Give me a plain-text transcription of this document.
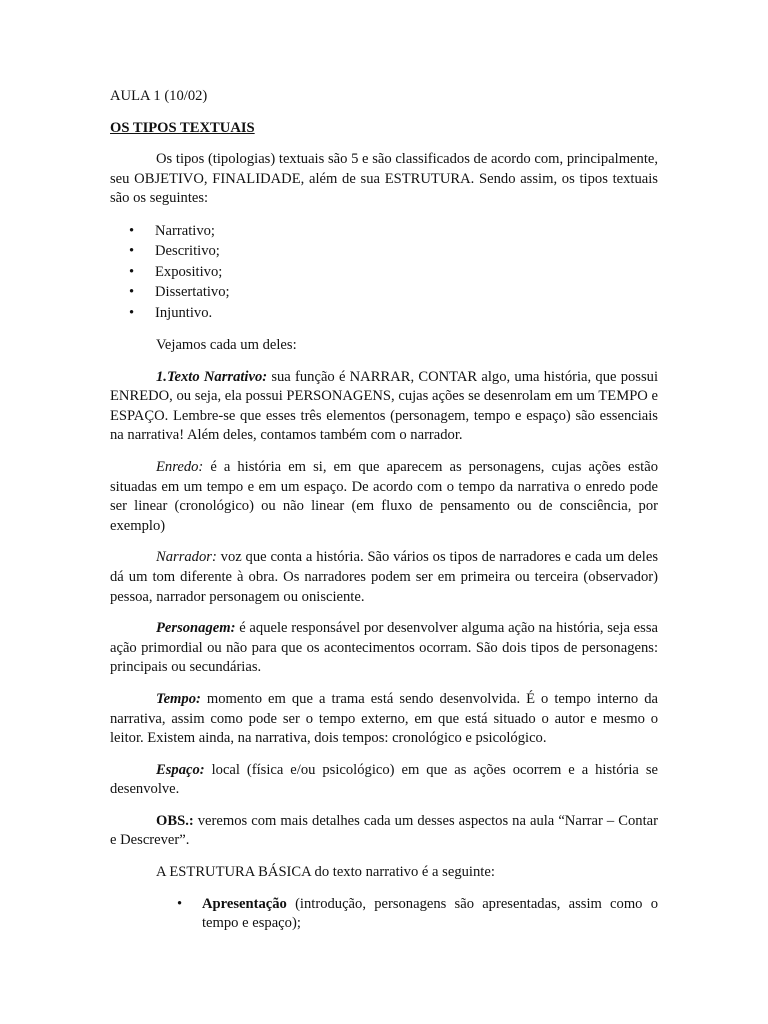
AULA 1 (10/02)

OS TIPOS TEXTUAIS

Os tipos (tipologias) textuais são 5 e são classificados de acordo com, principalmente, seu OBJETIVO, FINALIDADE, além de sua ESTRUTURA. Sendo assim, os tipos textuais são os seguintes:

• Narrativo;
• Descritivo;
• Expositivo;
• Dissertativo;
• Injuntivo.

Vejamos cada um deles:

1.Texto Narrativo: sua função é NARRAR, CONTAR algo, uma história, que possui ENREDO, ou seja, ela possui PERSONAGENS, cujas ações se desenrolam em um TEMPO e ESPAÇO. Lembre-se que esses três elementos (personagem, tempo e espaço) são essenciais na narrativa! Além deles, contamos também com o narrador.

Enredo: é a história em si, em que aparecem as personagens, cujas ações estão situadas em um tempo e em um espaço. De acordo com o tempo da narrativa o enredo pode ser linear (cronológico) ou não linear (em fluxo de pensamento ou de consciência, por exemplo)

Narrador: voz que conta a história. São vários os tipos de narradores e cada um deles dá um tom diferente à obra. Os narradores podem ser em primeira ou terceira (observador) pessoa, narrador personagem ou onisciente.

Personagem: é aquele responsável por desenvolver alguma ação na história, seja essa ação primordial ou não para que os acontecimentos ocorram. São dois tipos de personagens: principais ou secundárias.

Tempo: momento em que a trama está sendo desenvolvida. É o tempo interno da narrativa, assim como pode ser o tempo externo, em que está situado o autor e mesmo o leitor. Existem ainda, na narrativa, dois tempos: cronológico e psicológico.

Espaço: local (física e/ou psicológico) em que as ações ocorrem e a história se desenvolve.

OBS.: veremos com mais detalhes cada um desses aspectos na aula “Narrar – Contar e Descrever”.

A ESTRUTURA BÁSICA do texto narrativo é a seguinte:

• Apresentação (introdução, personagens são apresentadas, assim como o tempo e espaço);
